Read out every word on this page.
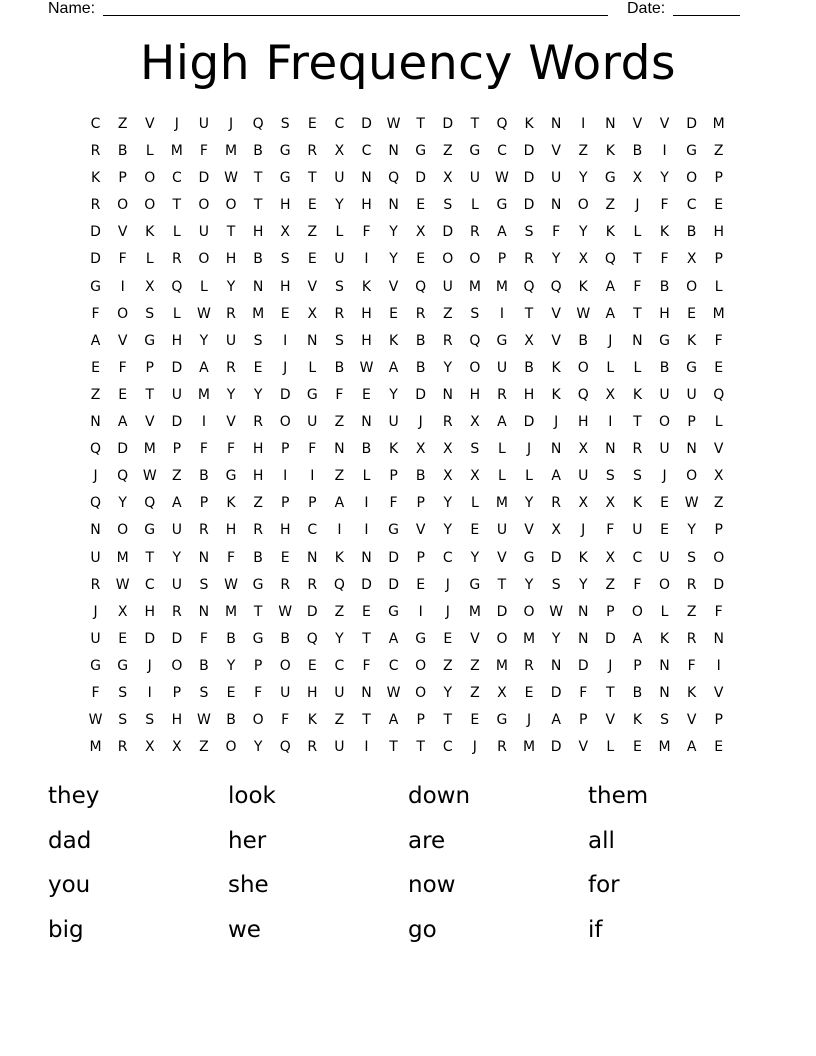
Name:	Date:
High Frequency Words
C	Z	V	J	U	J	Q	S	E	C	D	W	T	D	T	Q	K	N	I	N	V	V	D	M
R	B	L	M	F	M	B	G	R	X	C	N	G	Z	G	C	D	V	Z	K	B	I	G	Z
K	P	O	C	D	W	T	G	T	U	N	Q	D	X	U	W	D	U	Y	G	X	Y	O	P
R	O	O	T	O	O	T	H	E	Y	H	N	E	S	L	G	D	N	O	Z	J	F	C	E
D	V	K	L	U	T	H	X	Z	L	F	Y	X	D	R	A	S	F	Y	K	L	K	B	H
D	F	L	R	O	H	B	S	E	U	I	Y	E	O	O	P	R	Y	X	Q	T	F	X	P
G	I	X	Q	L	Y	N	H	V	S	K	V	Q	U	M	M	Q	Q	K	A	F	B	O	L
F	O	S	L	W	R	M	E	X	R	H	E	R	Z	S	I	T	V	W	A	T	H	E	M
A	V	G	H	Y	U	S	I	N	S	H	K	B	R	Q	G	X	V	B	J	N	G	K	F
E	F	P	D	A	R	E	J	L	B	W	A	B	Y	O	U	B	K	O	L	L	B	G	E
Z	E	T	U	M	Y	Y	D	G	F	E	Y	D	N	H	R	H	K	Q	X	K	U	U	Q
N	A	V	D	I	V	R	O	U	Z	N	U	J	R	X	A	D	J	H	I	T	O	P	L
Q	D	M	P	F	F	H	P	F	N	B	K	X	X	S	L	J	N	X	N	R	U	N	V
J	Q	W	Z	B	G	H	I	I	Z	L	P	B	X	X	L	L	A	U	S	S	J	O	X
Q	Y	Q	A	P	K	Z	P	P	A	I	F	P	Y	L	M	Y	R	X	X	K	E	W	Z
N	O	G	U	R	H	R	H	C	I	I	G	V	Y	E	U	V	X	J	F	U	E	Y	P
U	M	T	Y	N	F	B	E	N	K	N	D	P	C	Y	V	G	D	K	X	C	U	S	O
R	W	C	U	S	W	G	R	R	Q	D	D	E	J	G	T	Y	S	Y	Z	F	O	R	D
J	X	H	R	N	M	T	W	D	Z	E	G	I	J	M	D	O	W	N	P	O	L	Z	F
U	E	D	D	F	B	G	B	Q	Y	T	A	G	E	V	O	M	Y	N	D	A	K	R	N
G	G	J	O	B	Y	P	O	E	C	F	C	O	Z	Z	M	R	N	D	J	P	N	F	I
F	S	I	P	S	E	F	U	H	U	N	W	O	Y	Z	X	E	D	F	T	B	N	K	V
W	S	S	H	W	B	O	F	K	Z	T	A	P	T	E	G	J	A	P	V	K	S	V	P
M	R	X	X	Z	O	Y	Q	R	U	I	T	T	C	J	R	M	D	V	L	E	M	A	E
they	look	down	them
dad	her	are	all
you	she	now	for
big	we	go	if
